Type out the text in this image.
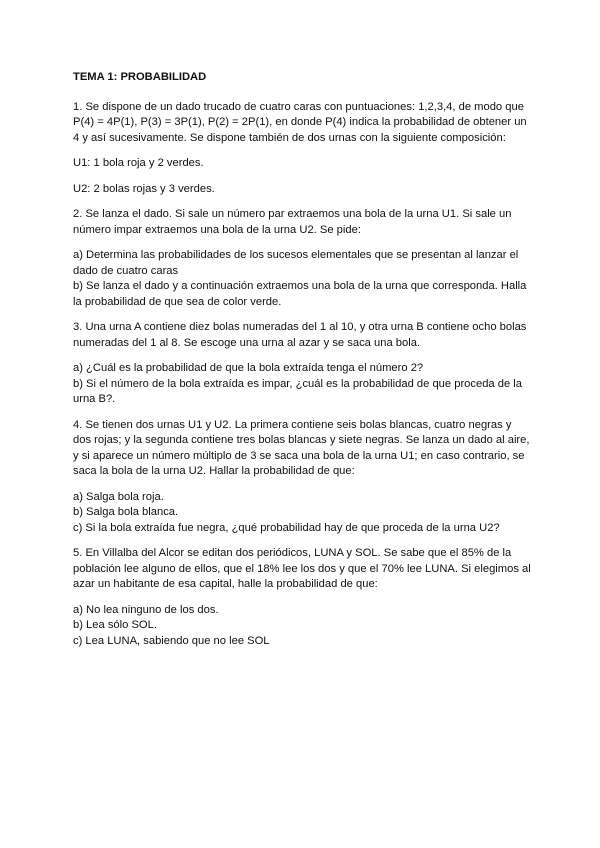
TEMA 1: PROBABILIDAD
1. Se dispone de un dado trucado de cuatro caras con puntuaciones: 1,2,3,4, de modo que
P(4) = 4P(1), P(3) = 3P(1), P(2) = 2P(1), en donde P(4) indica la probabilidad de obtener un
4 y así sucesivamente. Se dispone también de dos urnas con la siguiente composición:
U1: 1 bola roja y 2 verdes.
U2: 2 bolas rojas y 3 verdes.
2. Se lanza el dado. Si sale un número par extraemos una bola de la urna U1. Si sale un
número impar extraemos una bola de la urna U2. Se pide:
a) Determina las probabilidades de los sucesos elementales que se presentan al lanzar el
dado de cuatro caras
b) Se lanza el dado y a continuación extraemos una bola de la urna que corresponda. Halla
la probabilidad de que sea de color verde.
3. Una urna A contiene diez bolas numeradas del 1 al 10, y otra urna B contiene ocho bolas
numeradas del 1 al 8. Se escoge una urna al azar y se saca una bola.
a) ¿Cuál es la probabilidad de que la bola extraída tenga el número 2?
b) Si el número de la bola extraída es impar, ¿cuál es la probabilidad de que proceda de la
urna B?.
4. Se tienen dos urnas U1 y U2. La primera contiene seis bolas blancas, cuatro negras y
dos rojas; y la segunda contiene tres bolas blancas y siete negras. Se lanza un dado al aire,
y si aparece un número múltiplo de 3 se saca una bola de la urna U1; en caso contrario, se
saca la bola de la urna U2. Hallar la probabilidad de que:
a) Salga bola roja.
b) Salga bola blanca.
c) Si la bola extraída fue negra, ¿qué probabilidad hay de que proceda de la urna U2?
5. En Villalba del Alcor se editan dos periódicos, LUNA y SOL. Se sabe que el 85% de la
población lee alguno de ellos, que el 18% lee los dos y que el 70% lee LUNA. Si elegimos al
azar un habitante de esa capital, halle la probabilidad de que:
a) No lea ninguno de los dos.
b) Lea sólo SOL.
c) Lea LUNA, sabiendo que no lee SOL
